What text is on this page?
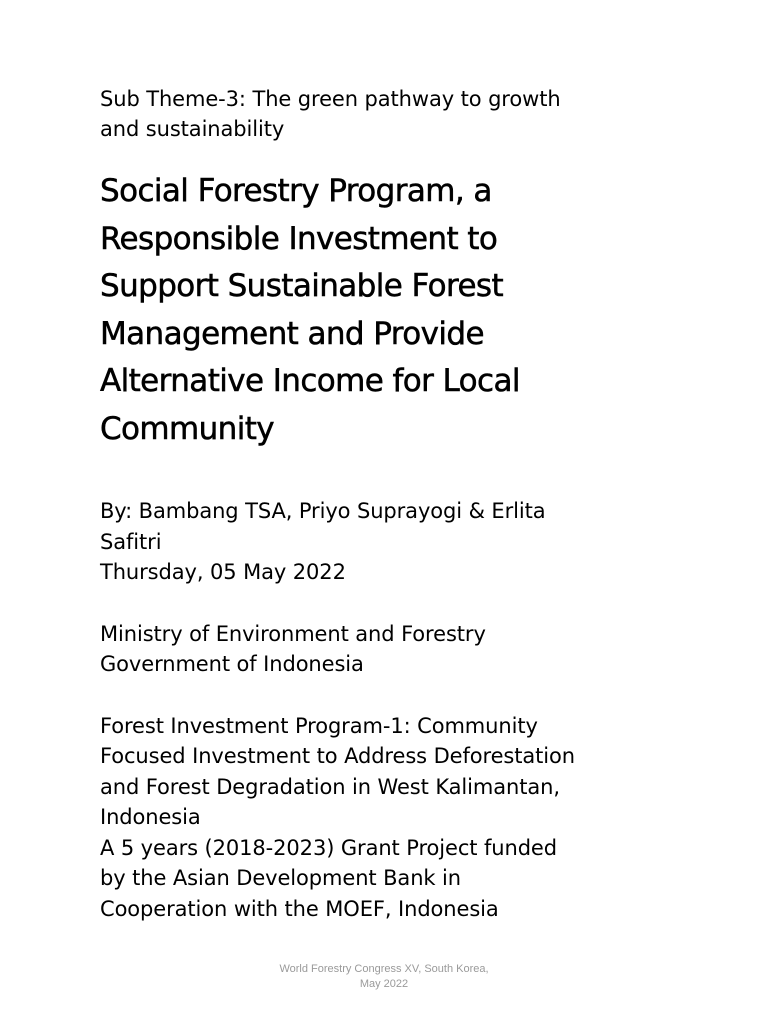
Sub Theme-3: The green pathway to growth
and sustainability

Social Forestry Program, a
Responsible Investment to
Support Sustainable Forest
Management and Provide
Alternative Income for Local
Community

By: Bambang TSA, Priyo Suprayogi & Erlita
Safitri
Thursday, 05 May 2022

Ministry of Environment and Forestry
Government of Indonesia

Forest Investment Program-1: Community
Focused Investment to Address Deforestation
and Forest Degradation in West Kalimantan,
Indonesia
A 5 years (2018-2023) Grant Project funded
by the Asian Development Bank in
Cooperation with the MOEF, Indonesia

World Forestry Congress XV, South Korea,
May 2022
